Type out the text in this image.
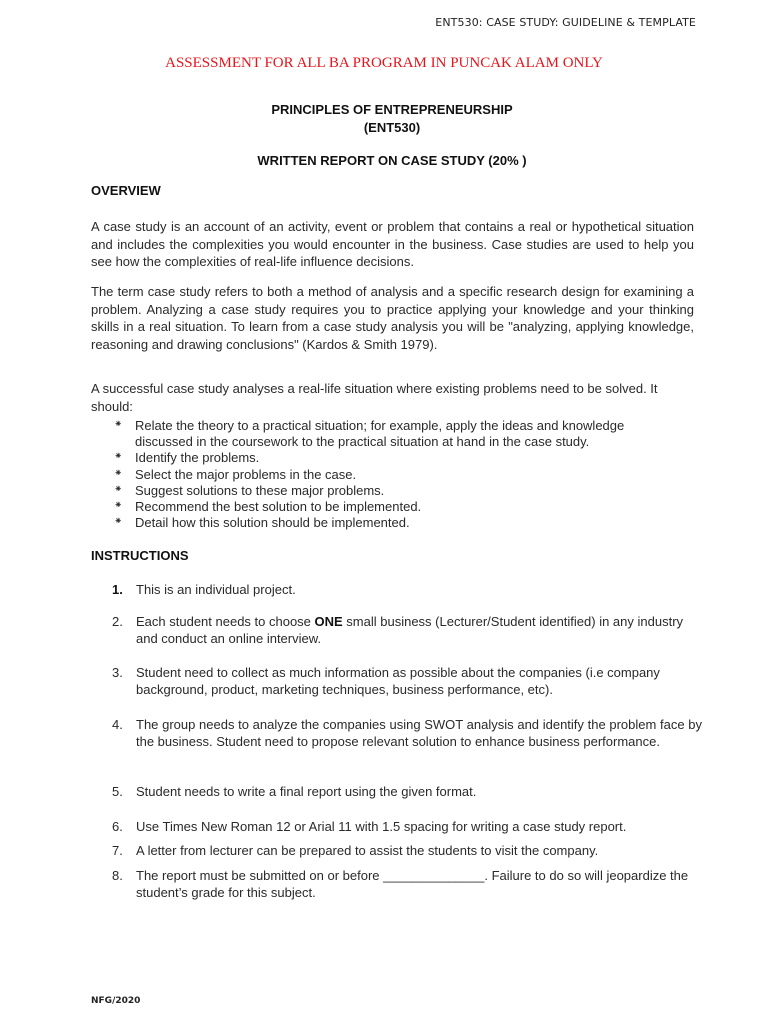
ENT530: CASE STUDY: GUIDELINE & TEMPLATE
ASSESSMENT FOR ALL BA PROGRAM IN PUNCAK ALAM ONLY
PRINCIPLES OF ENTREPRENEURSHIP
(ENT530)
WRITTEN REPORT ON CASE STUDY (20% )
OVERVIEW
A case study is an account of an activity, event or problem that contains a real or hypothetical situation and includes the complexities you would encounter in the business. Case studies are used to help you see how the complexities of real-life influence decisions.
The term case study refers to both a method of analysis and a specific research design for examining a problem. Analyzing a case study requires you to practice applying your knowledge and your thinking skills in a real situation. To learn from a case study analysis you will be "analyzing, applying knowledge, reasoning and drawing conclusions" (Kardos & Smith 1979).
A successful case study analyses a real-life situation where existing problems need to be solved. It should:
⁕ Relate the theory to a practical situation; for example, apply the ideas and knowledge discussed in the coursework to the practical situation at hand in the case study.
⁕ Identify the problems.
⁕ Select the major problems in the case.
⁕ Suggest solutions to these major problems.
⁕ Recommend the best solution to be implemented.
⁕ Detail how this solution should be implemented.
INSTRUCTIONS
1. This is an individual project.
2. Each student needs to choose ONE small business (Lecturer/Student identified) in any industry and conduct an online interview.
3. Student need to collect as much information as possible about the companies (i.e company background, product, marketing techniques, business performance, etc).
4. The group needs to analyze the companies using SWOT analysis and identify the problem face by the business. Student need to propose relevant solution to enhance business performance.
5. Student needs to write a final report using the given format.
6. Use Times New Roman 12 or Arial 11 with 1.5 spacing for writing a case study report.
7. A letter from lecturer can be prepared to assist the students to visit the company.
8. The report must be submitted on or before ______________. Failure to do so will jeopardize the student’s grade for this subject.
NFG/2020
